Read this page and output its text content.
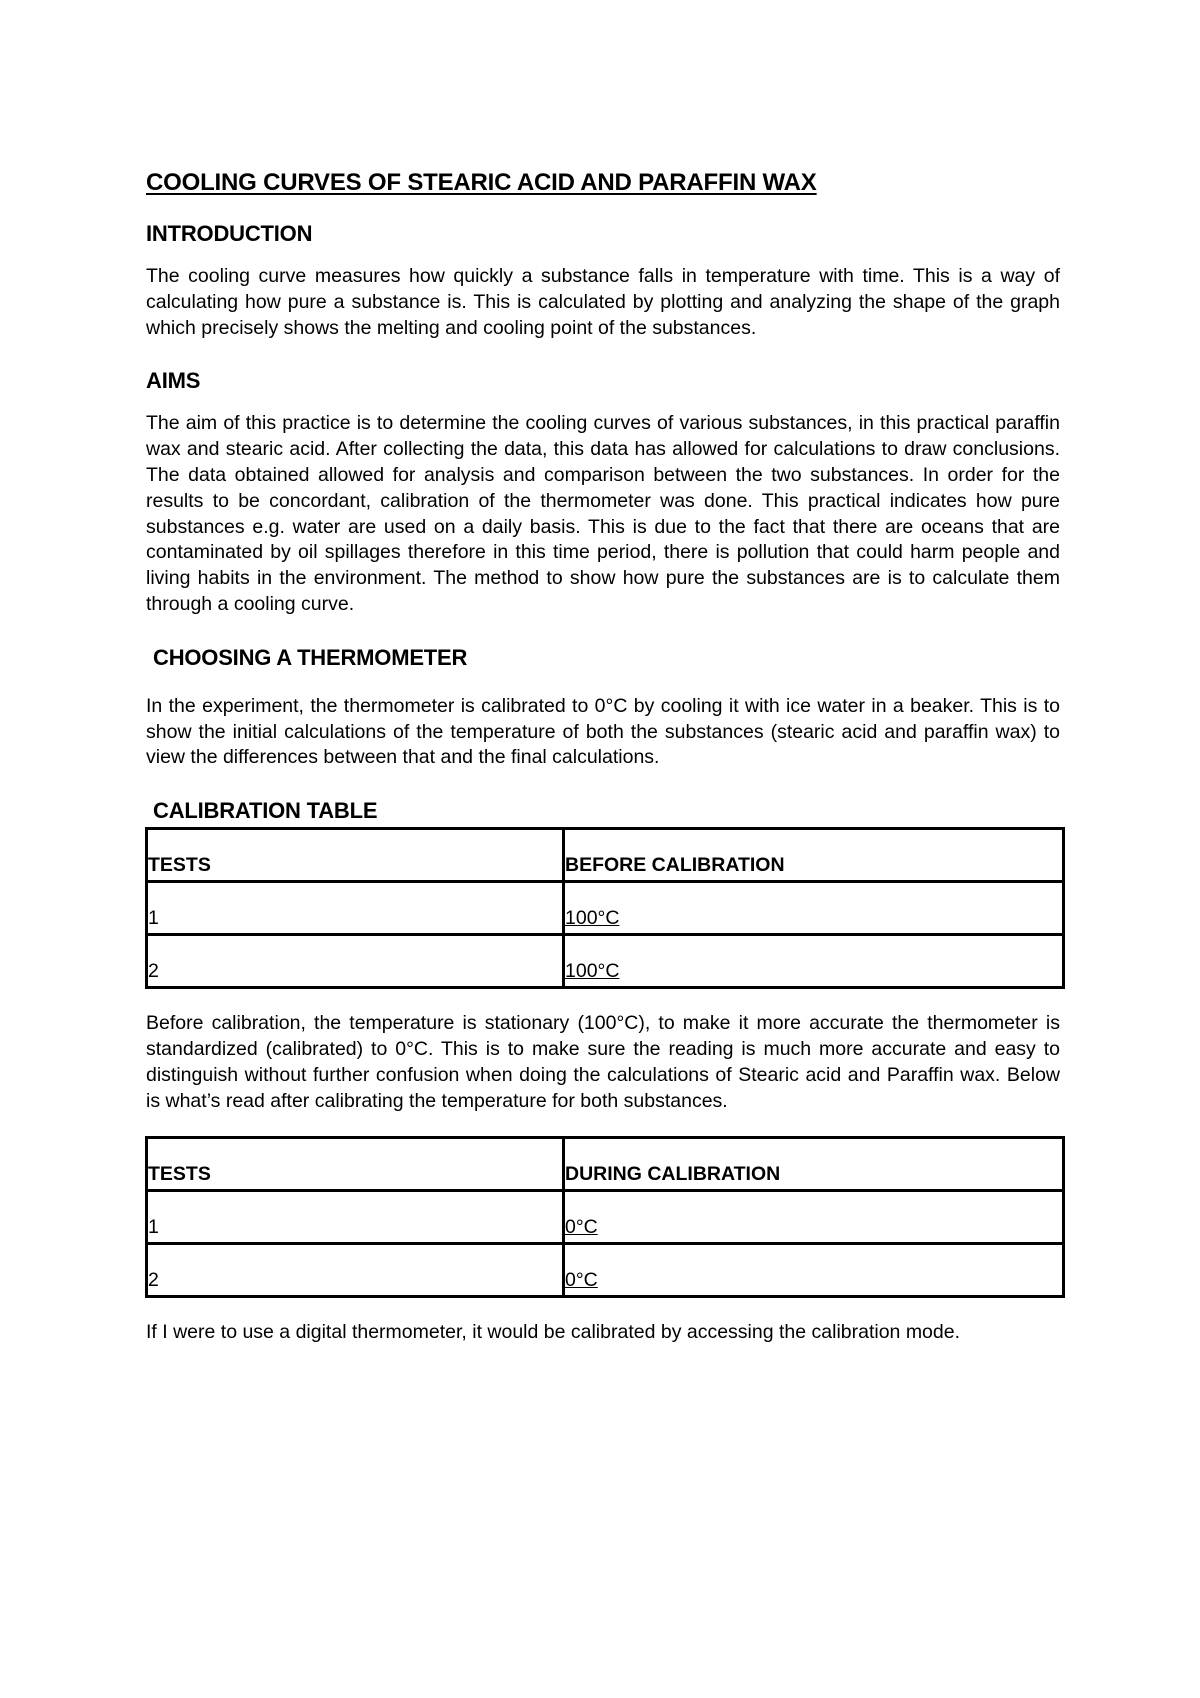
COOLING CURVES OF STEARIC ACID AND PARAFFIN WAX
INTRODUCTION

The cooling curve measures how quickly a substance falls in temperature with time. This is a way of calculating how pure a substance is. This is calculated by plotting and analyzing the shape of the graph which precisely shows the melting and cooling point of the substances.

AIMS

The aim of this practice is to determine the cooling curves of various substances, in this practical paraffin wax and stearic acid. After collecting the data, this data has allowed for calculations to draw conclusions. The data obtained allowed for analysis and comparison between the two substances. In order for the results to be concordant, calibration of the thermometer was done. This practical indicates how pure substances e.g. water are used on a daily basis. This is due to the fact that there are oceans that are contaminated by oil spillages therefore in this time period, there is pollution that could harm people and living habits in the environment. The method to show how pure the substances are is to calculate them through a cooling curve.

CHOOSING A THERMOMETER

In the experiment, the thermometer is calibrated to 0°C by cooling it with ice water in a beaker. This is to show the initial calculations of the temperature of both the substances (stearic acid and paraffin wax) to view the differences between that and the final calculations.

CALIBRATION TABLE
TESTS	BEFORE CALIBRATION
1	100°C
2	100°C

Before calibration, the temperature is stationary (100°C), to make it more accurate the thermometer is standardized (calibrated) to 0°C. This is to make sure the reading is much more accurate and easy to distinguish without further confusion when doing the calculations of Stearic acid and Paraffin wax. Below is what’s read after calibrating the temperature for both substances.

TESTS	DURING CALIBRATION
1	0°C
2	0°C

If I were to use a digital thermometer, it would be calibrated by accessing the calibration mode.
